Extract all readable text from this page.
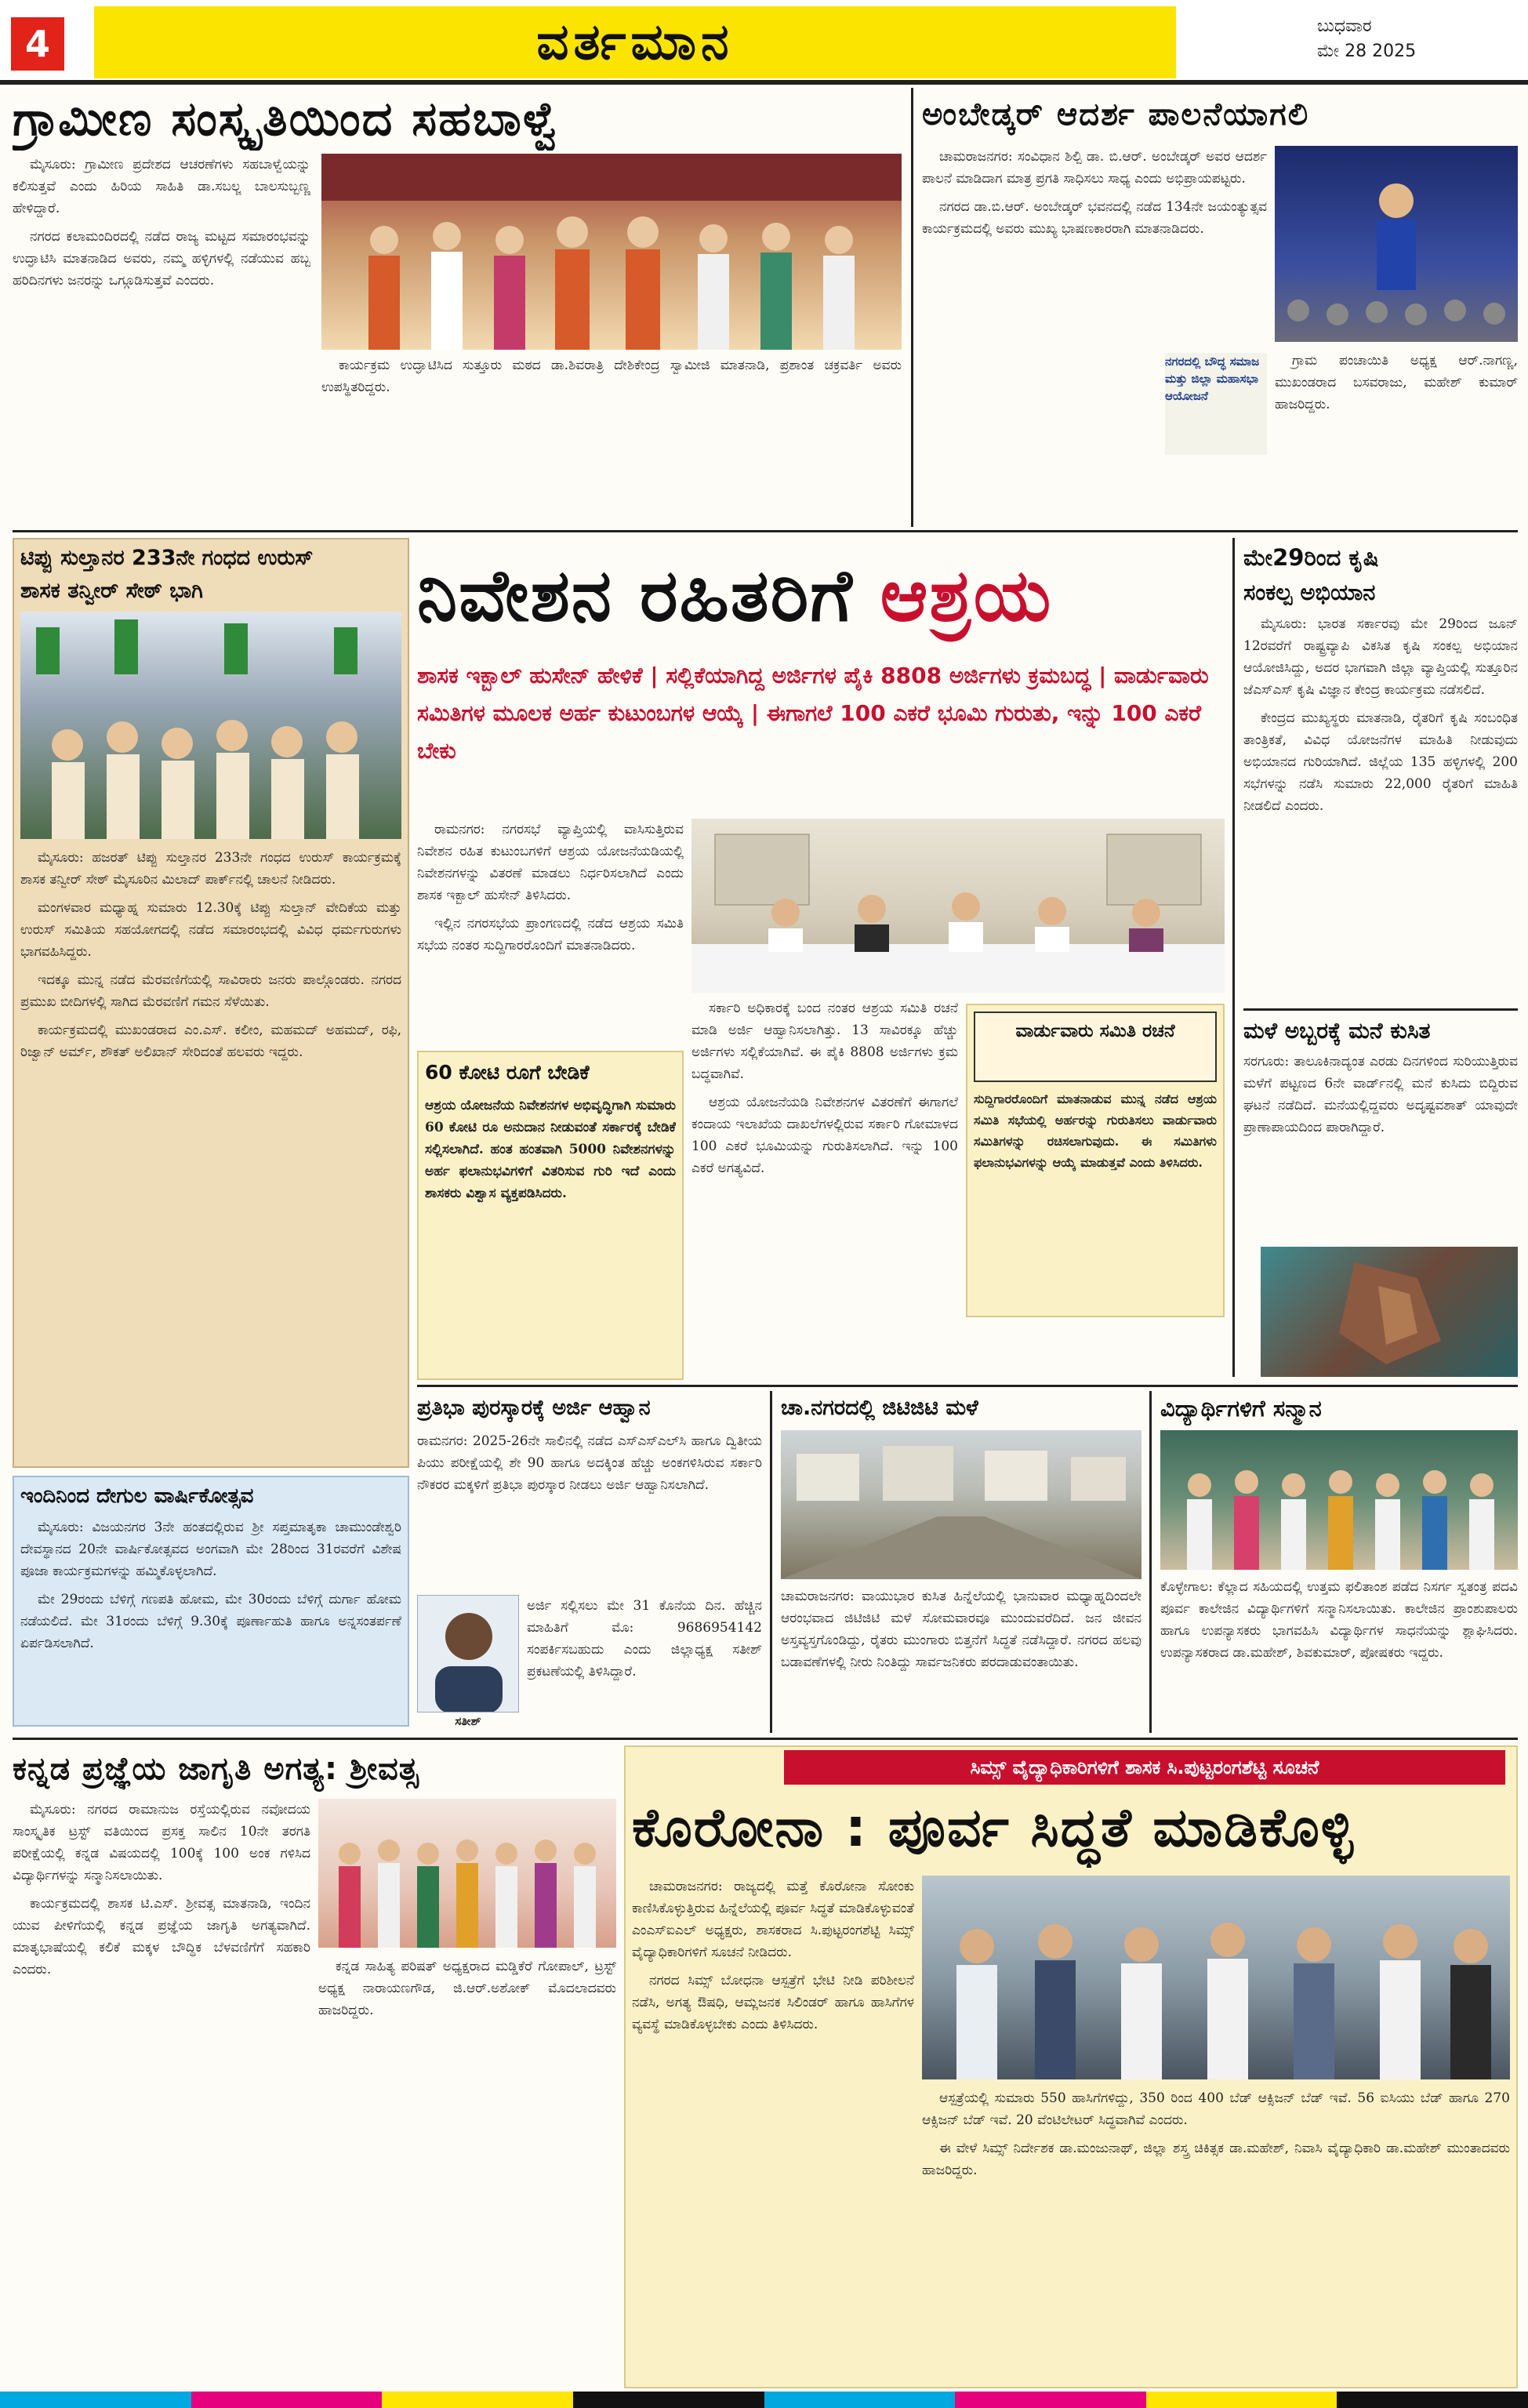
4	ವರ್ತಮಾನ	ಬುಧವಾರ
ಮೇ 28 2025
ಗ್ರಾಮೀಣ ಸಂಸ್ಕೃತಿಯಿಂದ ಸಹಬಾಳ್ವೆ	ಅಂಬೇಡ್ಕರ್ ಆದರ್ಶ ಪಾಲನೆಯಾಗಲಿ

ಮೈಸೂರು: ಗ್ರಾಮೀಣ ಪ್ರದೇಶದ ಆಚರಣೆಗಳು ಸಹಬಾಳ್ವೆಯನ್ನು ಕಲಿಸುತ್ತವೆ ಎಂದು ಹಿರಿಯ ಸಾಹಿತಿ ಡಾ.ಸಬಲ್ಜ ಬಾಲಸುಬ್ಬಣ್ಣ ಹೇಳಿದ್ದಾರೆ.

ನಗರದ ಕಲಾಮಂದಿರದಲ್ಲಿ ನಡೆದ ರಾಜ್ಯ ಮಟ್ಟದ ಸಮಾರಂಭವನ್ನು ಉದ್ಘಾಟಿಸಿ ಮಾತನಾಡಿದ ಅವರು, ನಮ್ಮ ಹಳ್ಳಿಗಳಲ್ಲಿ ನಡೆಯುವ ಹಬ್ಬ ಹರಿದಿನಗಳು ಜನರನ್ನು ಒಗ್ಗೂಡಿಸುತ್ತವೆ ಎಂದರು.

ಕಾರ್ಯಕ್ರಮ ಉದ್ಘಾಟಿಸಿದ ಸುತ್ತೂರು ಮಠದ ಡಾ.ಶಿವರಾತ್ರಿ ದೇಶಿಕೇಂದ್ರ ಸ್ವಾಮೀಜಿ ಮಾತನಾಡಿ, ಪ್ರಶಾಂತ ಚಕ್ರವರ್ತಿ ಅವರು ಉಪಸ್ಥಿತರಿದ್ದರು.

ಚಾಮರಾಜನಗರ: ಸಂವಿಧಾನ ಶಿಲ್ಪಿ ಡಾ. ಬಿ.ಆರ್. ಅಂಬೇಡ್ಕರ್ ಅವರ ಆದರ್ಶ ಪಾಲನೆ ಮಾಡಿದಾಗ ಮಾತ್ರ ಪ್ರಗತಿ ಸಾಧಿಸಲು ಸಾಧ್ಯ ಎಂದು ಅಭಿಪ್ರಾಯಪಟ್ಟರು.

ನಗರದ ಡಾ.ಬಿ.ಆರ್. ಅಂಬೇಡ್ಕರ್ ಭವನದಲ್ಲಿ ನಡೆದ 134ನೇ ಜಯಂತ್ಯುತ್ಸವ ಕಾರ್ಯಕ್ರಮದಲ್ಲಿ ಅವರು ಮುಖ್ಯ ಭಾಷಣಕಾರರಾಗಿ ಮಾತನಾಡಿದರು.

ನಗರದಲ್ಲಿ ಬೌದ್ಧ ಸಮಾಜ ಮತ್ತು ಜಿಲ್ಲಾ ಮಹಾಸಭಾ ಆಯೋಜನೆ

ಗ್ರಾಮ ಪಂಚಾಯಿತಿ ಅಧ್ಯಕ್ಷ ಆರ್.ನಾಗಣ್ಣ, ಮುಖಂಡರಾದ ಬಸವರಾಜು, ಮಹೇಶ್ ಕುಮಾರ್ ಹಾಜರಿದ್ದರು.

ಟಿಪ್ಪು ಸುಲ್ತಾನರ 233ನೇ ಗಂಧದ ಉರುಸ್
ಶಾಸಕ ತನ್ವೀರ್ ಸೇಠ್ ಭಾಗಿ

ಮೈಸೂರು: ಹಜರತ್ ಟಿಪ್ಪು ಸುಲ್ತಾನರ 233ನೇ ಗಂಧದ ಉರುಸ್ ಕಾರ್ಯಕ್ರಮಕ್ಕೆ ಶಾಸಕ ತನ್ವೀರ್ ಸೇಠ್ ಮೈಸೂರಿನ ಮಿಲಾದ್ ಪಾರ್ಕ್‌ನಲ್ಲಿ ಚಾಲನೆ ನೀಡಿದರು.

ಮಂಗಳವಾರ ಮಧ್ಯಾಹ್ನ ಸುಮಾರು 12.30ಕ್ಕೆ ಟಿಪ್ಪು ಸುಲ್ತಾನ್ ವೇದಿಕೆಯ ಮತ್ತು ಉರುಸ್ ಸಮಿತಿಯ ಸಹಯೋಗದಲ್ಲಿ ನಡೆದ ಸಮಾರಂಭದಲ್ಲಿ ವಿವಿಧ ಧರ್ಮಗುರುಗಳು ಭಾಗವಹಿಸಿದ್ದರು.

ಇದಕ್ಕೂ ಮುನ್ನ ನಡೆದ ಮೆರವಣಿಗೆಯಲ್ಲಿ ಸಾವಿರಾರು ಜನರು ಪಾಲ್ಗೊಂಡರು. ನಗರದ ಪ್ರಮುಖ ಬೀದಿಗಳಲ್ಲಿ ಸಾಗಿದ ಮೆರವಣಿಗೆ ಗಮನ ಸೆಳೆಯಿತು.

ಕಾರ್ಯಕ್ರಮದಲ್ಲಿ ಮುಖಂಡರಾದ ಎಂ.ಎಸ್. ಕಲೀಂ, ಮಹಮದ್ ಅಹಮದ್, ರಫಿ, ರಿಜ್ವಾನ್ ಅರ್ಮ್‌, ಶೌಕತ್ ಅಲಿಖಾನ್ ಸೇರಿದಂತೆ ಹಲವರು ಇದ್ದರು.

ಇಂದಿನಿಂದ ದೇಗುಲ ವಾರ್ಷಿಕೋತ್ಸವ

ಮೈಸೂರು: ವಿಜಯನಗರ 3ನೇ ಹಂತದಲ್ಲಿರುವ ಶ್ರೀ ಸಪ್ತಮಾತೃಕಾ ಚಾಮುಂಡೇಶ್ವರಿ ದೇವಸ್ಥಾನದ 20ನೇ ವಾರ್ಷಿಕೋತ್ಸವದ ಅಂಗವಾಗಿ ಮೇ 28ರಿಂದ 31ರವರೆಗೆ ವಿಶೇಷ ಪೂಜಾ ಕಾರ್ಯಕ್ರಮಗಳನ್ನು ಹಮ್ಮಿಕೊಳ್ಳಲಾಗಿದೆ.

ಮೇ 29ರಂದು ಬೆಳಿಗ್ಗೆ ಗಣಪತಿ ಹೋಮ, ಮೇ 30ರಂದು ಬೆಳಿಗ್ಗೆ ದುರ್ಗಾ ಹೋಮ ನಡೆಯಲಿದೆ. ಮೇ 31ರಂದು ಬೆಳಿಗ್ಗೆ 9.30ಕ್ಕೆ ಪೂರ್ಣಾಹುತಿ ಹಾಗೂ ಅನ್ನಸಂತರ್ಪಣೆ ಏರ್ಪಡಿಸಲಾಗಿದೆ.

ನಿವೇಶನ ರಹಿತರಿಗೆ ಆಶ್ರಯ
ಶಾಸಕ ಇಕ್ಬಾಲ್ ಹುಸೇನ್ ಹೇಳಿಕೆ | ಸಲ್ಲಿಕೆಯಾಗಿದ್ದ ಅರ್ಜಿಗಳ ಪೈಕಿ 8808 ಅರ್ಜಿಗಳು ಕ್ರಮಬದ್ಧ | ವಾರ್ಡುವಾರು ಸಮಿತಿಗಳ ಮೂಲಕ ಅರ್ಹ ಕುಟುಂಬಗಳ ಆಯ್ಕೆ | ಈಗಾಗಲೆ 100 ಎಕರೆ ಭೂಮಿ ಗುರುತು, ಇನ್ನು 100 ಎಕರೆ ಬೇಕು

ರಾಮನಗರ: ನಗರಸಭೆ ವ್ಯಾಪ್ತಿಯಲ್ಲಿ ವಾಸಿಸುತ್ತಿರುವ ನಿವೇಶನ ರಹಿತ ಕುಟುಂಬಗಳಿಗೆ ಆಶ್ರಯ ಯೋಜನೆಯಡಿಯಲ್ಲಿ ನಿವೇಶನಗಳನ್ನು ವಿತರಣೆ ಮಾಡಲು ನಿರ್ಧರಿಸಲಾಗಿದೆ ಎಂದು ಶಾಸಕ ಇಕ್ಬಾಲ್ ಹುಸೇನ್ ತಿಳಿಸಿದರು.

ಇಲ್ಲಿನ ನಗರಸಭೆಯ ಪ್ರಾಂಗಣದಲ್ಲಿ ನಡೆದ ಆಶ್ರಯ ಸಮಿತಿ ಸಭೆಯ ನಂತರ ಸುದ್ದಿಗಾರರೊಂದಿಗೆ ಮಾತನಾಡಿದರು.

ಸರ್ಕಾರಿ ಅಧಿಕಾರಕ್ಕೆ ಬಂದ ನಂತರ ಆಶ್ರಯ ಸಮಿತಿ ರಚನೆ ಮಾಡಿ ಅರ್ಜಿ ಆಹ್ವಾನಿಸಲಾಗಿತ್ತು. 13 ಸಾವಿರಕ್ಕೂ ಹೆಚ್ಚು ಅರ್ಜಿಗಳು ಸಲ್ಲಿಕೆಯಾಗಿವೆ. ಈ ಪೈಕಿ 8808 ಅರ್ಜಿಗಳು ಕ್ರಮ ಬದ್ಧವಾಗಿವೆ.

ಆಶ್ರಯ ಯೋಜನೆಯಡಿ ನಿವೇಶನಗಳ ವಿತರಣೆಗೆ ಈಗಾಗಲೆ ಕಂದಾಯ ಇಲಾಖೆಯ ದಾಖಲೆಗಳಲ್ಲಿರುವ ಸರ್ಕಾರಿ ಗೋಮಾಳದ 100 ಎಕರೆ ಭೂಮಿಯನ್ನು ಗುರುತಿಸಲಾಗಿದೆ. ಇನ್ನು 100 ಎಕರೆ ಅಗತ್ಯವಿದೆ.

60 ಕೋಟಿ ರೂಗೆ ಬೇಡಿಕೆ
ಆಶ್ರಯ ಯೋಜನೆಯ ನಿವೇಶನಗಳ ಅಭಿವೃದ್ಧಿಗಾಗಿ ಸುಮಾರು 60 ಕೋಟಿ ರೂ ಅನುದಾನ ನೀಡುವಂತೆ ಸರ್ಕಾರಕ್ಕೆ ಬೇಡಿಕೆ ಸಲ್ಲಿಸಲಾಗಿದೆ. ಹಂತ ಹಂತವಾಗಿ 5000 ನಿವೇಶನಗಳನ್ನು ಅರ್ಹ ಫಲಾನುಭವಿಗಳಿಗೆ ವಿತರಿಸುವ ಗುರಿ ಇದೆ ಎಂದು ಶಾಸಕರು ವಿಶ್ವಾಸ ವ್ಯಕ್ತಪಡಿಸಿದರು.
ವಾರ್ಡುವಾರು ಸಮಿತಿ ರಚನೆ
ಸುದ್ದಿಗಾರರೊಂದಿಗೆ ಮಾತನಾಡುವ ಮುನ್ನ ನಡೆದ ಆಶ್ರಯ ಸಮಿತಿ ಸಭೆಯಲ್ಲಿ ಅರ್ಹರನ್ನು ಗುರುತಿಸಲು ವಾರ್ಡುವಾರು ಸಮಿತಿಗಳನ್ನು ರಚಿಸಲಾಗುವುದು. ಈ ಸಮಿತಿಗಳು ಫಲಾನುಭವಿಗಳನ್ನು ಆಯ್ಕೆ ಮಾಡುತ್ತವೆ ಎಂದು ತಿಳಿಸಿದರು.
ಮೇ29ರಿಂದ ಕೃಷಿ
ಸಂಕಲ್ಪ ಅಭಿಯಾನ

ಮೈಸೂರು: ಭಾರತ ಸರ್ಕಾರವು ಮೇ 29ರಿಂದ ಜೂನ್ 12ರವರೆಗೆ ರಾಷ್ಟ್ರವ್ಯಾಪಿ ವಿಕಸಿತ ಕೃಷಿ ಸಂಕಲ್ಪ ಅಭಿಯಾನ ಆಯೋಜಿಸಿದ್ದು, ಅದರ ಭಾಗವಾಗಿ ಜಿಲ್ಲಾ ವ್ಯಾಪ್ತಿಯಲ್ಲಿ ಸುತ್ತೂರಿನ ಜೆಎಸ್ಎಸ್ ಕೃಷಿ ವಿಜ್ಞಾನ ಕೇಂದ್ರ ಕಾರ್ಯಕ್ರಮ ನಡೆಸಲಿದೆ.

ಕೇಂದ್ರದ ಮುಖ್ಯಸ್ಥರು ಮಾತನಾಡಿ, ರೈತರಿಗೆ ಕೃಷಿ ಸಂಬಂಧಿತ ತಾಂತ್ರಿಕತೆ, ವಿವಿಧ ಯೋಜನೆಗಳ ಮಾಹಿತಿ ನೀಡುವುದು ಅಭಿಯಾನದ ಗುರಿಯಾಗಿದೆ. ಜಿಲ್ಲೆಯ 135 ಹಳ್ಳಿಗಳಲ್ಲಿ 200 ಸಭೆಗಳನ್ನು ನಡೆಸಿ ಸುಮಾರು 22,000 ರೈತರಿಗೆ ಮಾಹಿತಿ ನೀಡಲಿದೆ ಎಂದರು.

ಮಳೆ ಅಬ್ಬರಕ್ಕೆ ಮನೆ ಕುಸಿತ
ಸರಗೂರು: ತಾಲೂಕಿನಾದ್ಯಂತ ಎರಡು ದಿನಗಳಿಂದ ಸುರಿಯುತ್ತಿರುವ ಮಳೆಗೆ ಪಟ್ಟಣದ 6ನೇ ವಾರ್ಡ್‌ನಲ್ಲಿ ಮನೆ ಕುಸಿದು ಬಿದ್ದಿರುವ ಘಟನೆ ನಡೆದಿದೆ. ಮನೆಯಲ್ಲಿದ್ದವರು ಅದೃಷ್ಟವಶಾತ್ ಯಾವುದೇ ಪ್ರಾಣಾಪಾಯದಿಂದ ಪಾರಾಗಿದ್ದಾರೆ.
ಪ್ರತಿಭಾ ಪುರಸ್ಕಾರಕ್ಕೆ ಅರ್ಜಿ ಆಹ್ವಾನ
ರಾಮನಗರ: 2025-26ನೇ ಸಾಲಿನಲ್ಲಿ ನಡೆದ ಎಸ್ಎಸ್ಎಲ್‌ಸಿ ಹಾಗೂ ದ್ವಿತೀಯ ಪಿಯು ಪರೀಕ್ಷೆಯಲ್ಲಿ ಶೇ 90 ಹಾಗೂ ಅದಕ್ಕಿಂತ ಹೆಚ್ಚು ಅಂಕಗಳಿಸಿರುವ ಸರ್ಕಾರಿ ನೌಕರರ ಮಕ್ಕಳಿಗೆ ಪ್ರತಿಭಾ ಪುರಸ್ಕಾರ ನೀಡಲು ಅರ್ಜಿ ಆಹ್ವಾನಿಸಲಾಗಿದೆ.
ಸತೀಶ್
ಅರ್ಜಿ ಸಲ್ಲಿಸಲು ಮೇ 31 ಕೊನೆಯ ದಿನ. ಹೆಚ್ಚಿನ ಮಾಹಿತಿಗೆ ಮೊ: 9686954142 ಸಂಪರ್ಕಿಸಬಹುದು ಎಂದು ಜಿಲ್ಲಾಧ್ಯಕ್ಷ ಸತೀಶ್ ಪ್ರಕಟಣೆಯಲ್ಲಿ ತಿಳಿಸಿದ್ದಾರೆ.
ಚಾ.ನಗರದಲ್ಲಿ ಜಿಟಿಜಿಟಿ ಮಳೆ
ಚಾಮರಾಜನಗರ: ವಾಯುಭಾರ ಕುಸಿತ ಹಿನ್ನೆಲೆಯಲ್ಲಿ ಭಾನುವಾರ ಮಧ್ಯಾಹ್ನದಿಂದಲೇ ಆರಂಭವಾದ ಜಿಟಿಜಿಟಿ ಮಳೆ ಸೋಮವಾರವೂ ಮುಂದುವರೆದಿದೆ. ಜನ ಜೀವನ ಅಸ್ತವ್ಯಸ್ತಗೊಂಡಿದ್ದು, ರೈತರು ಮುಂಗಾರು ಬಿತ್ತನೆಗೆ ಸಿದ್ಧತೆ ನಡೆಸಿದ್ದಾರೆ. ನಗರದ ಹಲವು ಬಡಾವಣೆಗಳಲ್ಲಿ ನೀರು ನಿಂತಿದ್ದು ಸಾರ್ವಜನಿಕರು ಪರದಾಡುವಂತಾಯಿತು.
ವಿದ್ಯಾರ್ಥಿಗಳಿಗೆ ಸನ್ಮಾನ
ಕೊಳ್ಳೇಗಾಲ: ಕೆಲ್ಲಾದ ಸಹಿಯದಲ್ಲಿ ಉತ್ತಮ ಫಲಿತಾಂಶ ಪಡೆದ ನಿಸರ್ಗ ಸ್ವತಂತ್ರ ಪದವಿ ಪೂರ್ವ ಕಾಲೇಜಿನ ವಿದ್ಯಾರ್ಥಿಗಳಿಗೆ ಸನ್ಮಾನಿಸಲಾಯಿತು. ಕಾಲೇಜಿನ ಪ್ರಾಂಶುಪಾಲರು ಹಾಗೂ ಉಪನ್ಯಾಸಕರು ಭಾಗವಹಿಸಿ ವಿದ್ಯಾರ್ಥಿಗಳ ಸಾಧನೆಯನ್ನು ಶ್ಲಾಘಿಸಿದರು. ಉಪನ್ಯಾಸಕರಾದ ಡಾ.ಮಹೇಶ್, ಶಿವಕುಮಾರ್, ಪೋಷಕರು ಇದ್ದರು.
ಕನ್ನಡ ಪ್ರಜ್ಞೆಯ ಜಾಗೃತಿ ಅಗತ್ಯ: ಶ್ರೀವತ್ಸ

ಮೈಸೂರು: ನಗರದ ರಾಮಾನುಜ ರಸ್ತೆಯಲ್ಲಿರುವ ನವೋದಯ ಸಾಂಸ್ಕೃತಿಕ ಟ್ರಸ್ಟ್ ವತಿಯಿಂದ ಪ್ರಸಕ್ತ ಸಾಲಿನ 10ನೇ ತರಗತಿ ಪರೀಕ್ಷೆಯಲ್ಲಿ ಕನ್ನಡ ವಿಷಯದಲ್ಲಿ 100ಕ್ಕೆ 100 ಅಂಕ ಗಳಿಸಿದ ವಿದ್ಯಾರ್ಥಿಗಳನ್ನು ಸನ್ಮಾನಿಸಲಾಯಿತು.

ಕಾರ್ಯಕ್ರಮದಲ್ಲಿ ಶಾಸಕ ಟಿ.ಎಸ್. ಶ್ರೀವತ್ಸ ಮಾತನಾಡಿ, ಇಂದಿನ ಯುವ ಪೀಳಿಗೆಯಲ್ಲಿ ಕನ್ನಡ ಪ್ರಜ್ಞೆಯ ಜಾಗೃತಿ ಅಗತ್ಯವಾಗಿದೆ. ಮಾತೃಭಾಷೆಯಲ್ಲಿ ಕಲಿಕೆ ಮಕ್ಕಳ ಬೌದ್ಧಿಕ ಬೆಳವಣಿಗೆಗೆ ಸಹಕಾರಿ ಎಂದರು.	ಕನ್ನಡ ಸಾಹಿತ್ಯ ಪರಿಷತ್ ಅಧ್ಯಕ್ಷರಾದ ಮಡ್ಡಿಕೆರೆ ಗೋಪಾಲ್, ಟ್ರಸ್ಟ್ ಅಧ್ಯಕ್ಷ ನಾರಾಯಣಗೌಡ, ಜಿ.ಆರ್.ಅಶೋಕ್ ಮೊದಲಾದವರು ಹಾಜರಿದ್ದರು.

ಸಿಮ್ಸ್ ವೈದ್ಯಾಧಿಕಾರಿಗಳಿಗೆ ಶಾಸಕ ಸಿ.ಪುಟ್ಟರಂಗಶೆಟ್ಟಿ ಸೂಚನೆ
ಕೊರೋನಾ : ಪೂರ್ವ ಸಿದ್ಧತೆ ಮಾಡಿಕೊಳ್ಳಿ

ಚಾಮರಾಜನಗರ: ರಾಜ್ಯದಲ್ಲಿ ಮತ್ತೆ ಕೊರೋನಾ ಸೋಂಕು ಕಾಣಿಸಿಕೊಳ್ಳುತ್ತಿರುವ ಹಿನ್ನೆಲೆಯಲ್ಲಿ ಪೂರ್ವ ಸಿದ್ಧತೆ ಮಾಡಿಕೊಳ್ಳುವಂತೆ ಎಂಎಸ್‌ಐಎಲ್ ಅಧ್ಯಕ್ಷರು, ಶಾಸಕರಾದ ಸಿ.ಪುಟ್ಟರಂಗಶೆಟ್ಟಿ ಸಿಮ್ಸ್ ವೈದ್ಯಾಧಿಕಾರಿಗಳಿಗೆ ಸೂಚನೆ ನೀಡಿದರು.

ನಗರದ ಸಿಮ್ಸ್ ಬೋಧನಾ ಆಸ್ಪತ್ರೆಗೆ ಭೇಟಿ ನೀಡಿ ಪರಿಶೀಲನೆ ನಡೆಸಿ, ಅಗತ್ಯ ಔಷಧಿ, ಆಮ್ಲಜನಕ ಸಿಲಿಂಡರ್ ಹಾಗೂ ಹಾಸಿಗೆಗಳ ವ್ಯವಸ್ಥೆ ಮಾಡಿಕೊಳ್ಳಬೇಕು ಎಂದು ತಿಳಿಸಿದರು.

ಆಸ್ಪತ್ರೆಯಲ್ಲಿ ಸುಮಾರು 550 ಹಾಸಿಗೆಗಳಿದ್ದು, 350 ರಿಂದ 400 ಬೆಡ್ ಆಕ್ಸಿಜನ್ ಬೆಡ್ ಇವೆ. 56 ಐಸಿಯು ಬೆಡ್ ಹಾಗೂ 270 ಆಕ್ಸಿಜನ್ ಬೆಡ್ ಇವೆ. 20 ವೆಂಟಿಲೇಟರ್ ಸಿದ್ಧವಾಗಿವೆ ಎಂದರು.

ಈ ವೇಳೆ ಸಿಮ್ಸ್ ನಿರ್ದೇಶಕ ಡಾ.ಮಂಜುನಾಥ್, ಜಿಲ್ಲಾ ಶಸ್ತ್ರ ಚಿಕಿತ್ಸಕ ಡಾ.ಮಹೇಶ್, ನಿವಾಸಿ ವೈದ್ಯಾಧಿಕಾರಿ ಡಾ.ಮಹೇಶ್ ಮುಂತಾದವರು ಹಾಜರಿದ್ದರು.
